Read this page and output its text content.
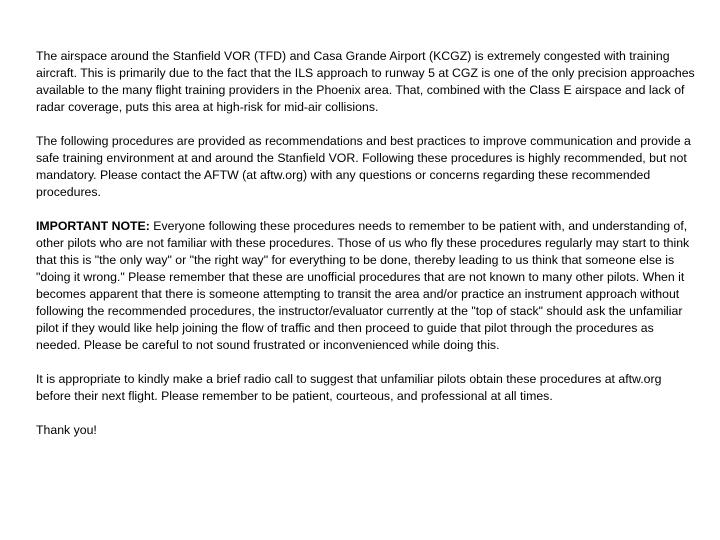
The airspace around the Stanfield VOR (TFD) and Casa Grande Airport (KCGZ) is extremely congested with training aircraft. This is primarily due to the fact that the ILS approach to runway 5 at CGZ is one of the only precision approaches available to the many flight training providers in the Phoenix area. That, combined with the Class E airspace and lack of radar coverage, puts this area at high-risk for mid-air collisions.

The following procedures are provided as recommendations and best practices to improve communication and provide a safe training environment at and around the Stanfield VOR. Following these procedures is highly recommended, but not mandatory. Please contact the AFTW (at aftw.org) with any questions or concerns regarding these recommended procedures.

IMPORTANT NOTE: Everyone following these procedures needs to remember to be patient with, and understanding of, other pilots who are not familiar with these procedures. Those of us who fly these procedures regularly may start to think that this is "the only way" or "the right way" for everything to be done, thereby leading to us think that someone else is "doing it wrong." Please remember that these are unofficial procedures that are not known to many other pilots. When it becomes apparent that there is someone attempting to transit the area and/or practice an instrument approach without following the recommended procedures, the instructor/evaluator currently at the "top of stack" should ask the unfamiliar pilot if they would like help joining the flow of traffic and then proceed to guide that pilot through the procedures as needed. Please be careful to not sound frustrated or inconvenienced while doing this.

It is appropriate to kindly make a brief radio call to suggest that unfamiliar pilots obtain these procedures at aftw.org before their next flight. Please remember to be patient, courteous, and professional at all times.

Thank you!
